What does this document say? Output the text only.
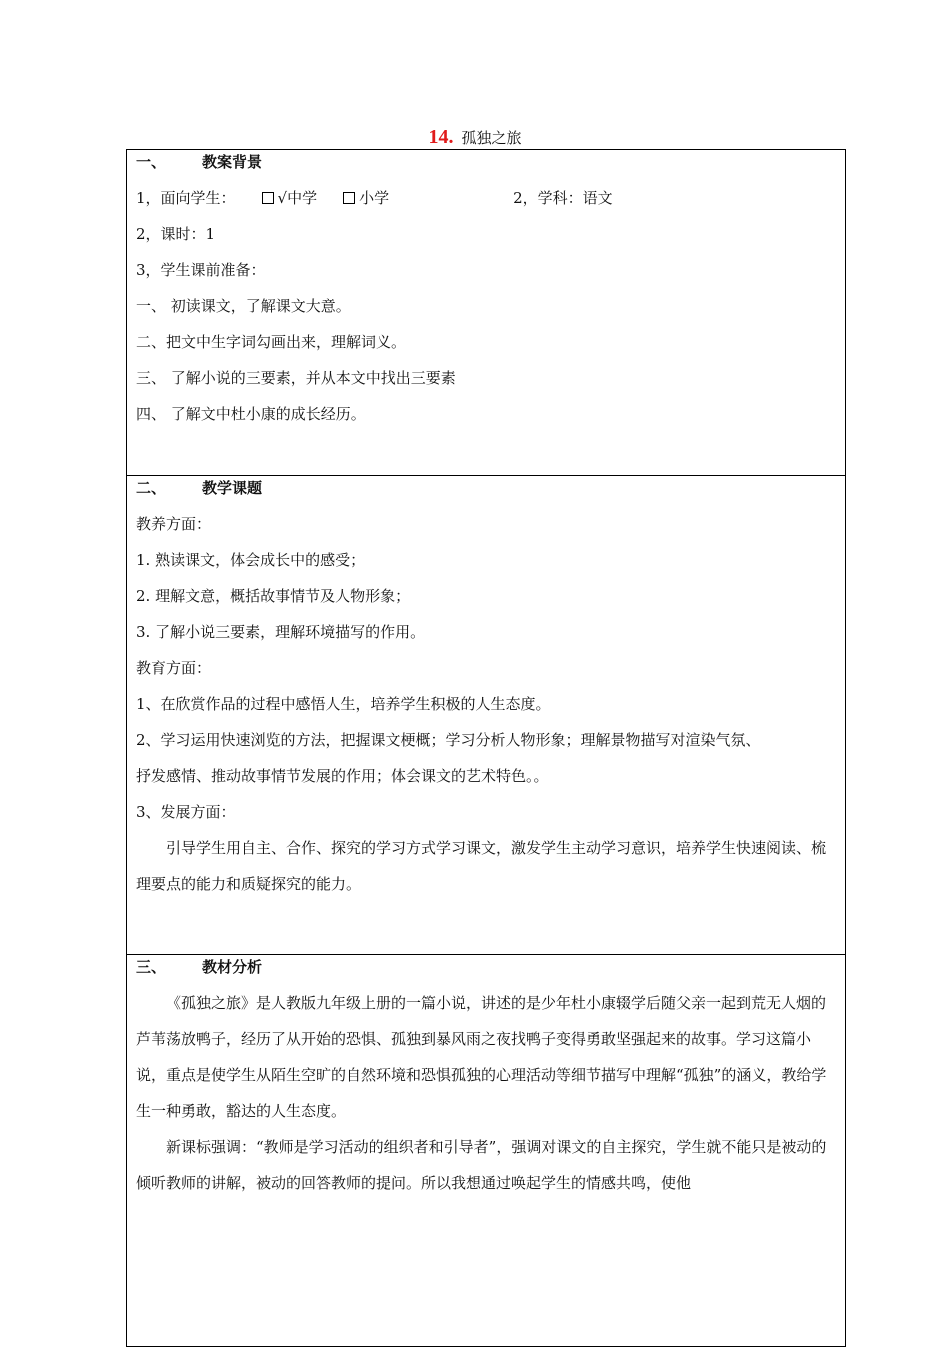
14. 孤独之旅
一、 教案背景
1，面向学生：	√中学	小学	2，学科：语文
2，课时：1
3，学生课前准备：
一、 初读课文，了解课文大意。
二、把文中生字词勾画出来，理解词义。
三、 了解小说的三要素，并从本文中找出三要素
四、 了解文中杜小康的成长经历。
二、 教学课题
教养方面：
1. 熟读课文，体会成长中的感受；
2. 理解文意，概括故事情节及人物形象；
3. 了解小说三要素，理解环境描写的作用。
教育方面：
1、在欣赏作品的过程中感悟人生，培养学生积极的人生态度。
2、学习运用快速浏览的方法，把握课文梗概；学习分析人物形象；理解景物描写对渲染气氛、
抒发感情、推动故事情节发展的作用；体会课文的艺术特色。。
3、发展方面：
引导学生用自主、合作、探究的学习方式学习课文，激发学生主动学习意识，培养学生快速阅读、梳理要点的能力和质疑探究的能力。
三、 教材分析
《孤独之旅》是人教版九年级上册的一篇小说，讲述的是少年杜小康辍学后随父亲一起到荒无人烟的芦苇荡放鸭子，经历了从开始的恐惧、孤独到暴风雨之夜找鸭子变得勇敢坚强起来的故事。学习这篇小说，重点是使学生从陌生空旷的自然环境和恐惧孤独的心理活动等细节描写中理解“孤独”的涵义，教给学生一种勇敢，豁达的人生态度。
新课标强调：“教师是学习活动的组织者和引导者”，强调对课文的自主探究，学生就不能只是被动的倾听教师的讲解，被动的回答教师的提问。所以我想通过唤起学生的情感共鸣，使他
